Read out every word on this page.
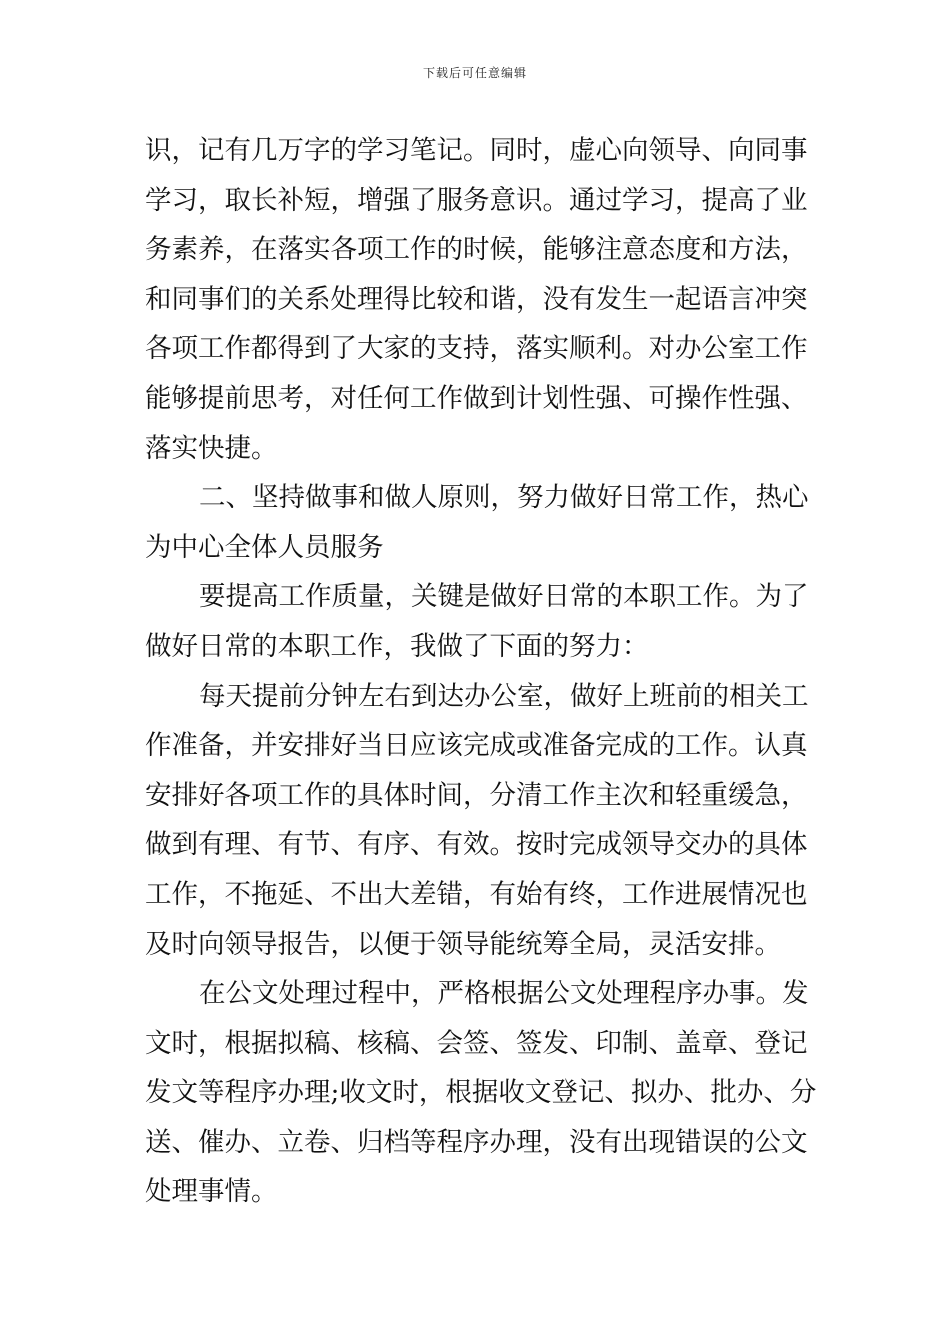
下载后可任意编辑
识，记有几万字的学习笔记。同时，虚心向领导、向同事
学习，取长补短，增强了服务意识。通过学习，提高了业
务素养，在落实各项工作的时候，能够注意态度和方法，
和同事们的关系处理得比较和谐，没有发生一起语言冲突
各项工作都得到了大家的支持，落实顺利。对办公室工作
能够提前思考，对任何工作做到计划性强、可操作性强、
落实快捷。
二、坚持做事和做人原则，努力做好日常工作，热心
为中心全体人员服务
要提高工作质量，关键是做好日常的本职工作。为了
做好日常的本职工作，我做了下面的努力：
每天提前分钟左右到达办公室，做好上班前的相关工
作准备，并安排好当日应该完成或准备完成的工作。认真
安排好各项工作的具体时间，分清工作主次和轻重缓急，
做到有理、有节、有序、有效。按时完成领导交办的具体
工作，不拖延、不出大差错，有始有终，工作进展情况也
及时向领导报告，以便于领导能统筹全局，灵活安排。
在公文处理过程中，严格根据公文处理程序办事。发
文时，根据拟稿、核稿、会签、签发、印制、盖章、登记
发文等程序办理;收文时，根据收文登记、拟办、批办、分
送、催办、立卷、归档等程序办理，没有出现错误的公文
处理事情。
